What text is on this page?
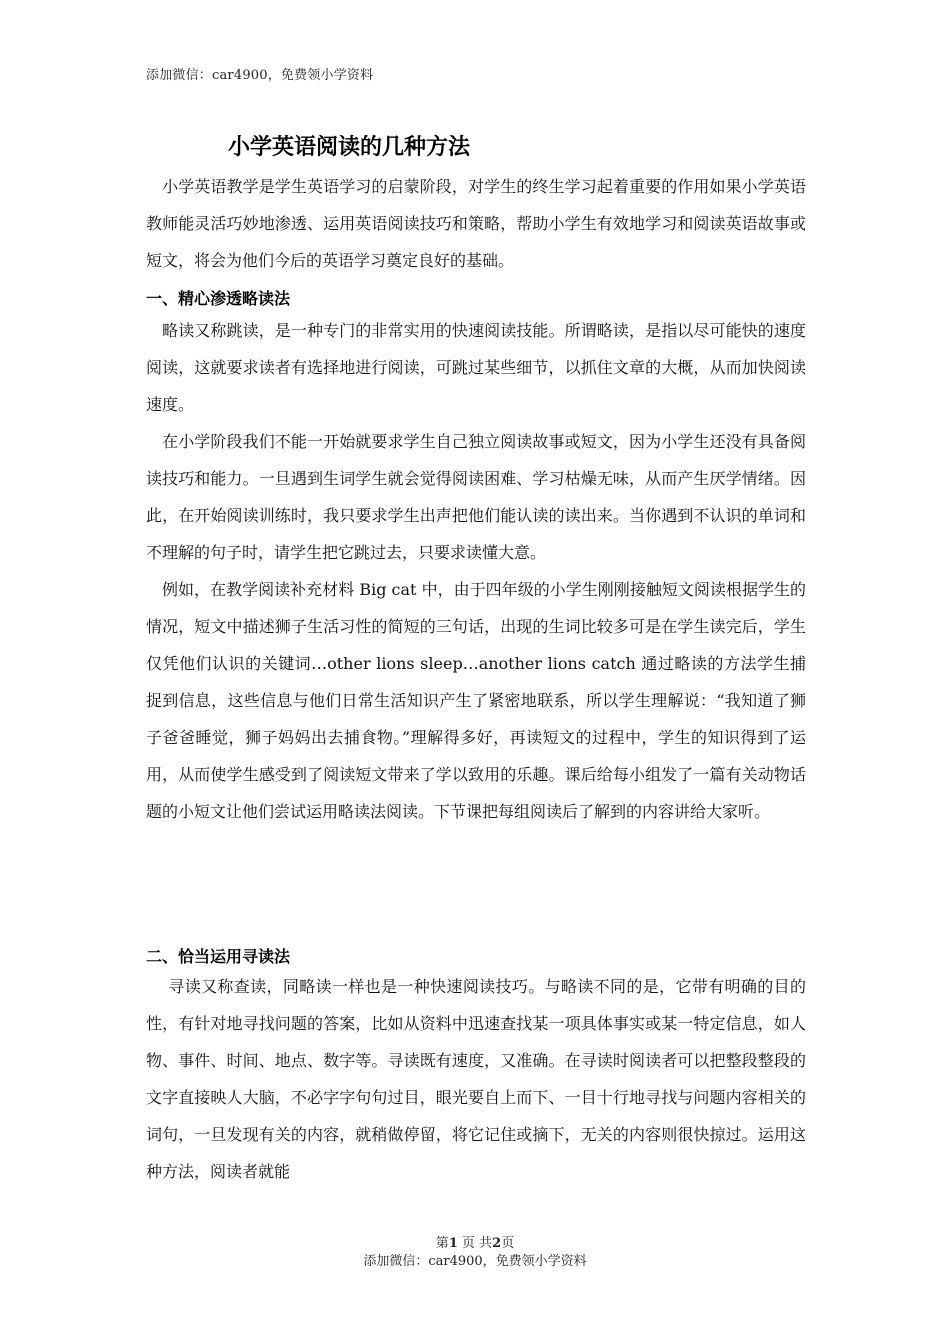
添加微信：car4900，免费领小学资料
小学英语阅读的几种方法

小学英语教学是学生英语学习的启蒙阶段，对学生的终生学习起着重要的作用如果小学英语教师能灵活巧妙地渗透、运用英语阅读技巧和策略，帮助小学生有效地学习和阅读英语故事或短文，将会为他们今后的英语学习奠定良好的基础。

一、精心渗透略读法

略读又称跳读，是一种专门的非常实用的快速阅读技能。所谓略读，是指以尽可能快的速度阅读，这就要求读者有选择地进行阅读，可跳过某些细节，以抓住文章的大概，从而加快阅读速度。

在小学阶段我们不能一开始就要求学生自己独立阅读故事或短文，因为小学生还没有具备阅读技巧和能力。一旦遇到生词学生就会觉得阅读困难、学习枯燥无味，从而产生厌学情绪。因此，在开始阅读训练时，我只要求学生出声把他们能认读的读出来。当你遇到不认识的单词和不理解的句子时，请学生把它跳过去，只要求读懂大意。

例如，在教学阅读补充材料 Big cat 中，由于四年级的小学生刚刚接触短文阅读根据学生的情况，短文中描述狮子生活习性的简短的三句话，出现的生词比较多可是在学生读完后，学生仅凭他们认识的关键词…other lions sleep…another lions catch 通过略读的方法学生捕捉到信息，这些信息与他们日常生活知识产生了紧密地联系，所以学生理解说：“我知道了狮子爸爸睡觉，狮子妈妈出去捕食物。”理解得多好，再读短文的过程中，学生的知识得到了运用，从而使学生感受到了阅读短文带来了学以致用的乐趣。课后给每小组发了一篇有关动物话题的小短文让他们尝试运用略读法阅读。下节课把每组阅读后了解到的内容讲给大家听。

二、恰当运用寻读法

寻读又称查读，同略读一样也是一种快速阅读技巧。与略读不同的是，它带有明确的目的性，有针对地寻找问题的答案，比如从资料中迅速查找某一项具体事实或某一特定信息，如人物、事件、时间、地点、数字等。寻读既有速度，又准确。在寻读时阅读者可以把整段整段的文字直接映人大脑，不必字字句句过目，眼光要自上而下、一目十行地寻找与问题内容相关的词句，一旦发现有关的内容，就稍做停留，将它记住或摘下，无关的内容则很快掠过。运用这种方法，阅读者就能

第1 页 共2页
添加微信：car4900，免费领小学资料
